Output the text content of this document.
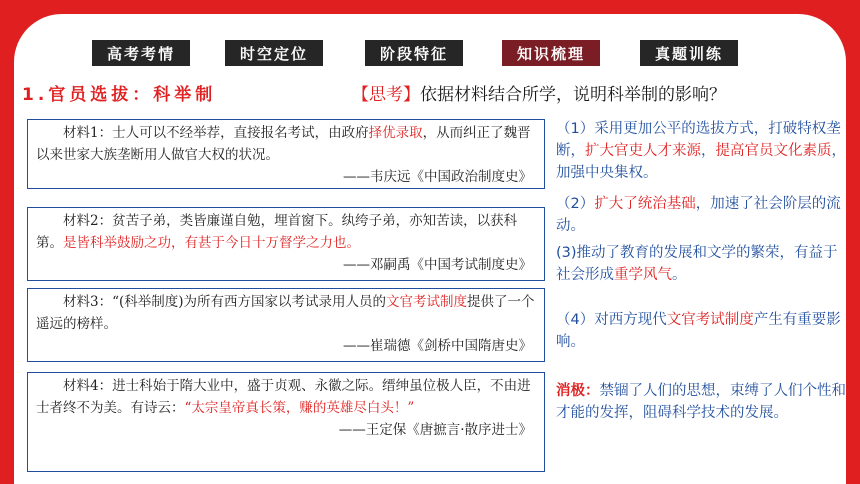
高考考情	时空定位	阶段特征	知识梳理	真题训练
1.官员选拔：科举制	【思考】依据材料结合所学，说明科举制的影响？

材料1：士人可以不经举荐，直接报名考试，由政府择优录取，从而纠正了魏晋以来世家大族垄断用人做官大权的状况。

——韦庆远《中国政治制度史》

材料2：贫苦子弟，类皆廉谨自勉，埋首窗下。纨绔子弟，亦知苦读，以获科第。是皆科举鼓励之功，有甚于今日十万督学之力也。

——邓嗣禹《中国考试制度史》

材料3：“(科举制度)为所有西方国家以考试录用人员的文官考试制度提供了一个遥远的榜样。

——崔瑞德《剑桥中国隋唐史》

材料4：进士科始于隋大业中，盛于贞观、永徽之际。缙绅虽位极人臣，不由进士者终不为美。有诗云：“太宗皇帝真长策，赚的英雄尽白头！”

——王定保《唐摭言·散序进士》

（1）采用更加公平的选拔方式，打破特权垄断，扩大官吏人才来源，提高官员文化素质，加强中央集权。
（2）扩大了统治基础，加速了社会阶层的流动。
(3)推动了教育的发展和文学的繁荣，有益于社会形成重学风气。
（4）对西方现代文官考试制度产生有重要影响。
消极：禁锢了人们的思想，束缚了人们个性和才能的发挥，阻碍科学技术的发展。
